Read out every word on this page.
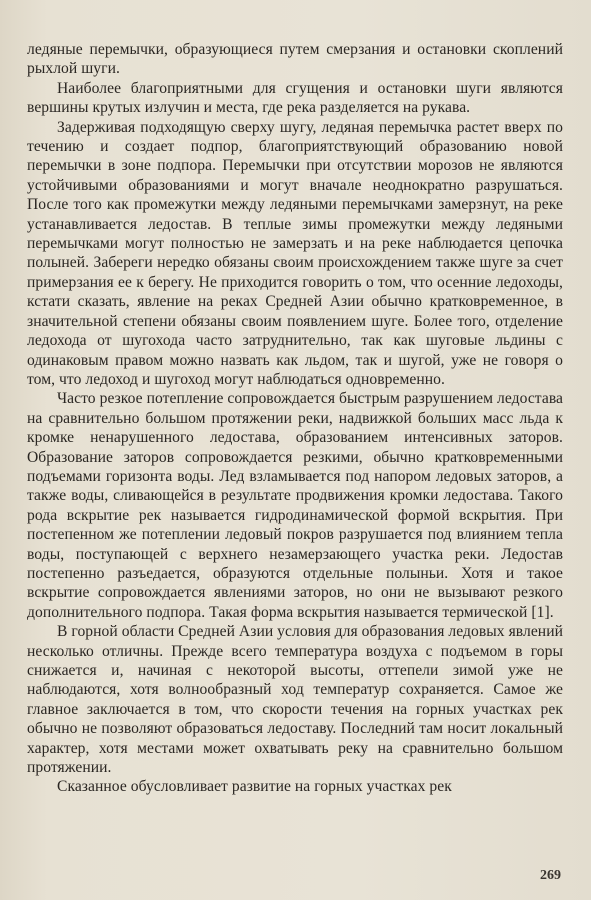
ледяные перемычки, образующиеся путем смерзания и остановки скоплений рыхлой шуги.

Наиболее благоприятными для сгущения и остановки шуги являются вершины крутых излучин и места, где река разделяется на рукава.

Задерживая подходящую сверху шугу, ледяная перемычка растет вверх по течению и создает подпор, благоприятствующий образованию новой перемычки в зоне подпора. Перемычки при отсутствии морозов не являются устойчивыми образованиями и могут вначале неоднократно разрушаться. После того как промежутки между ледяными перемычками замерзнут, на реке устанавливается ледостав. В теплые зимы промежутки между ледяными перемычками могут полностью не замерзать и на реке наблюдается цепочка полыней. Забереги нередко обязаны своим происхождением также шуге за счет примерзания ее к берегу. Не приходится говорить о том, что осенние ледоходы, кстати сказать, явление на реках Средней Азии обычно кратковременное, в значительной степени обязаны своим появлением шуге. Более того, отделение ледохода от шугохода часто затруднительно, так как шуговые льдины с одинаковым правом можно назвать как льдом, так и шугой, уже не говоря о том, что ледоход и шугоход могут наблюдаться одновременно.

Часто резкое потепление сопровождается быстрым разрушением ледостава на сравнительно большом протяжении реки, надвижкой больших масс льда к кромке ненарушенного ледостава, образованием интенсивных заторов. Образование заторов сопровождается резкими, обычно кратковременными подъемами горизонта воды. Лед взламывается под напором ледовых заторов, а также воды, сливающейся в результате продвижения кромки ледостава. Такого рода вскрытие рек называется гидродинамической формой вскрытия. При постепенном же потеплении ледовый покров разрушается под влиянием тепла воды, поступающей с верхнего незамерзающего участка реки. Ледостав постепенно разъедается, образуются отдельные полыньи. Хотя и такое вскрытие сопровождается явлениями заторов, но они не вызывают резкого дополнительного подпора. Такая форма вскрытия называется термической [1].

В горной области Средней Азии условия для образования ледовых явлений несколько отличны. Прежде всего температура воздуха с подъемом в горы снижается и, начиная с некоторой высоты, оттепели зимой уже не наблюдаются, хотя волнообразный ход температур сохраняется. Самое же главное заключается в том, что скорости течения на горных участках рек обычно не позволяют образоваться ледоставу. Последний там носит локальный характер, хотя местами может охватывать реку на сравнительно большом протяжении.

Сказанное обусловливает развитие на горных участках рек

269
